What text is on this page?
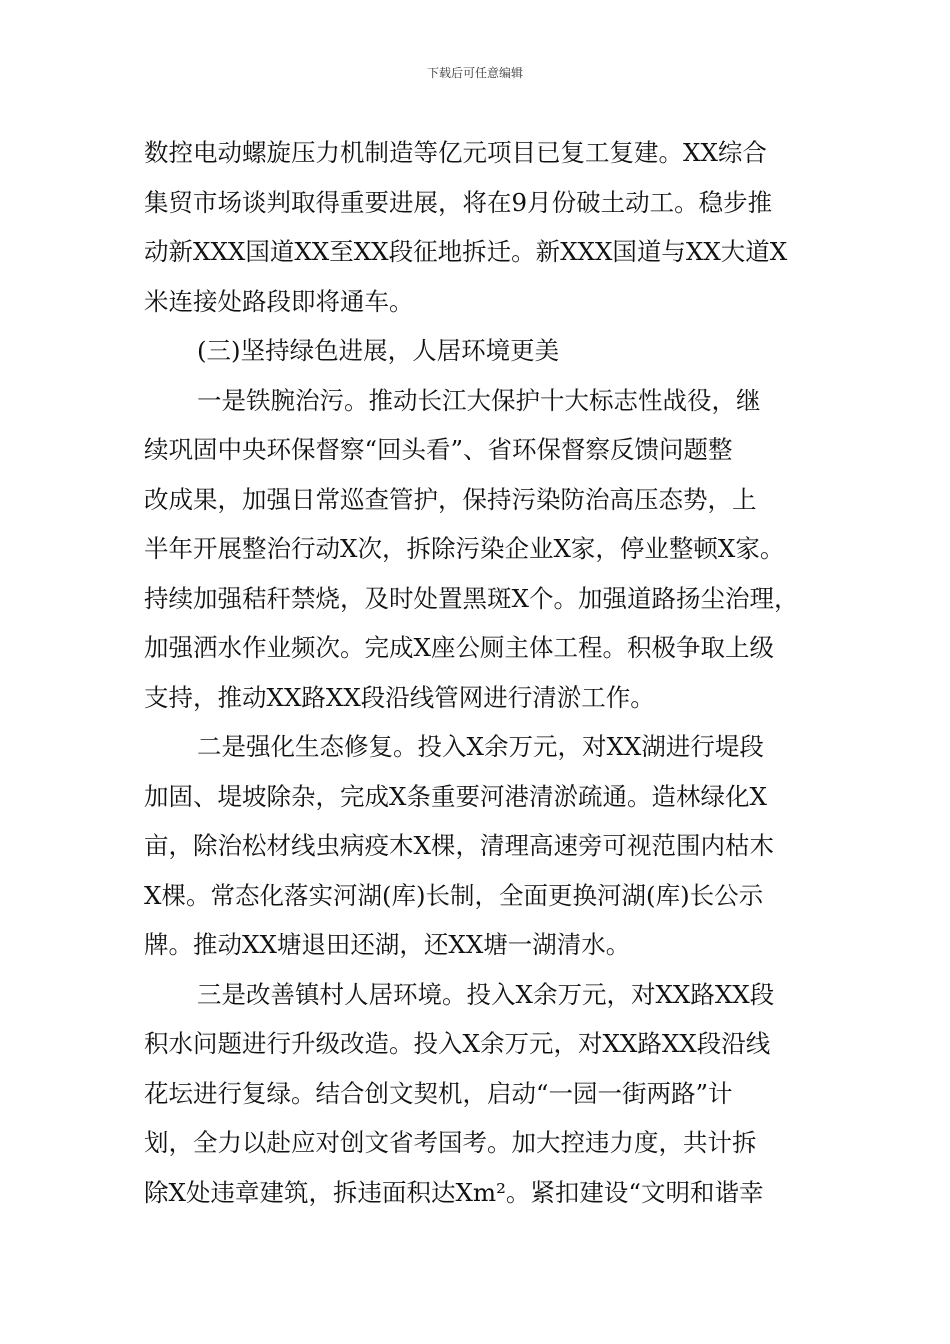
下载后可任意编辑
数控电动螺旋压力机制造等亿元项目已复工复建。XX综合
集贸市场谈判取得重要进展，将在9月份破土动工。稳步推
动新XXX国道XX至XX段征地拆迁。新XXX国道与XX大道X
米连接处路段即将通车。
(三)坚持绿色进展，人居环境更美
一是铁腕治污。推动长江大保护十大标志性战役，继
续巩固中央环保督察“回头看”、省环保督察反馈问题整
改成果，加强日常巡查管护，保持污染防治高压态势，上
半年开展整治行动X次，拆除污染企业X家，停业整顿X家。
持续加强秸秆禁烧，及时处置黑斑X个。加强道路扬尘治理，
加强洒水作业频次。完成X座公厕主体工程。积极争取上级
支持，推动XX路XX段沿线管网进行清淤工作。
二是强化生态修复。投入X余万元，对XX湖进行堤段
加固、堤坡除杂，完成X条重要河港清淤疏通。造林绿化X
亩，除治松材线虫病疫木X棵，清理高速旁可视范围内枯木
X棵。常态化落实河湖(库)长制，全面更换河湖(库)长公示
牌。推动XX塘退田还湖，还XX塘一湖清水。
三是改善镇村人居环境。投入X余万元，对XX路XX段
积水问题进行升级改造。投入X余万元，对XX路XX段沿线
花坛进行复绿。结合创文契机，启动“一园一街两路”计
划，全力以赴应对创文省考国考。加大控违力度，共计拆
除X处违章建筑，拆违面积达Xm²。紧扣建设“文明和谐幸
